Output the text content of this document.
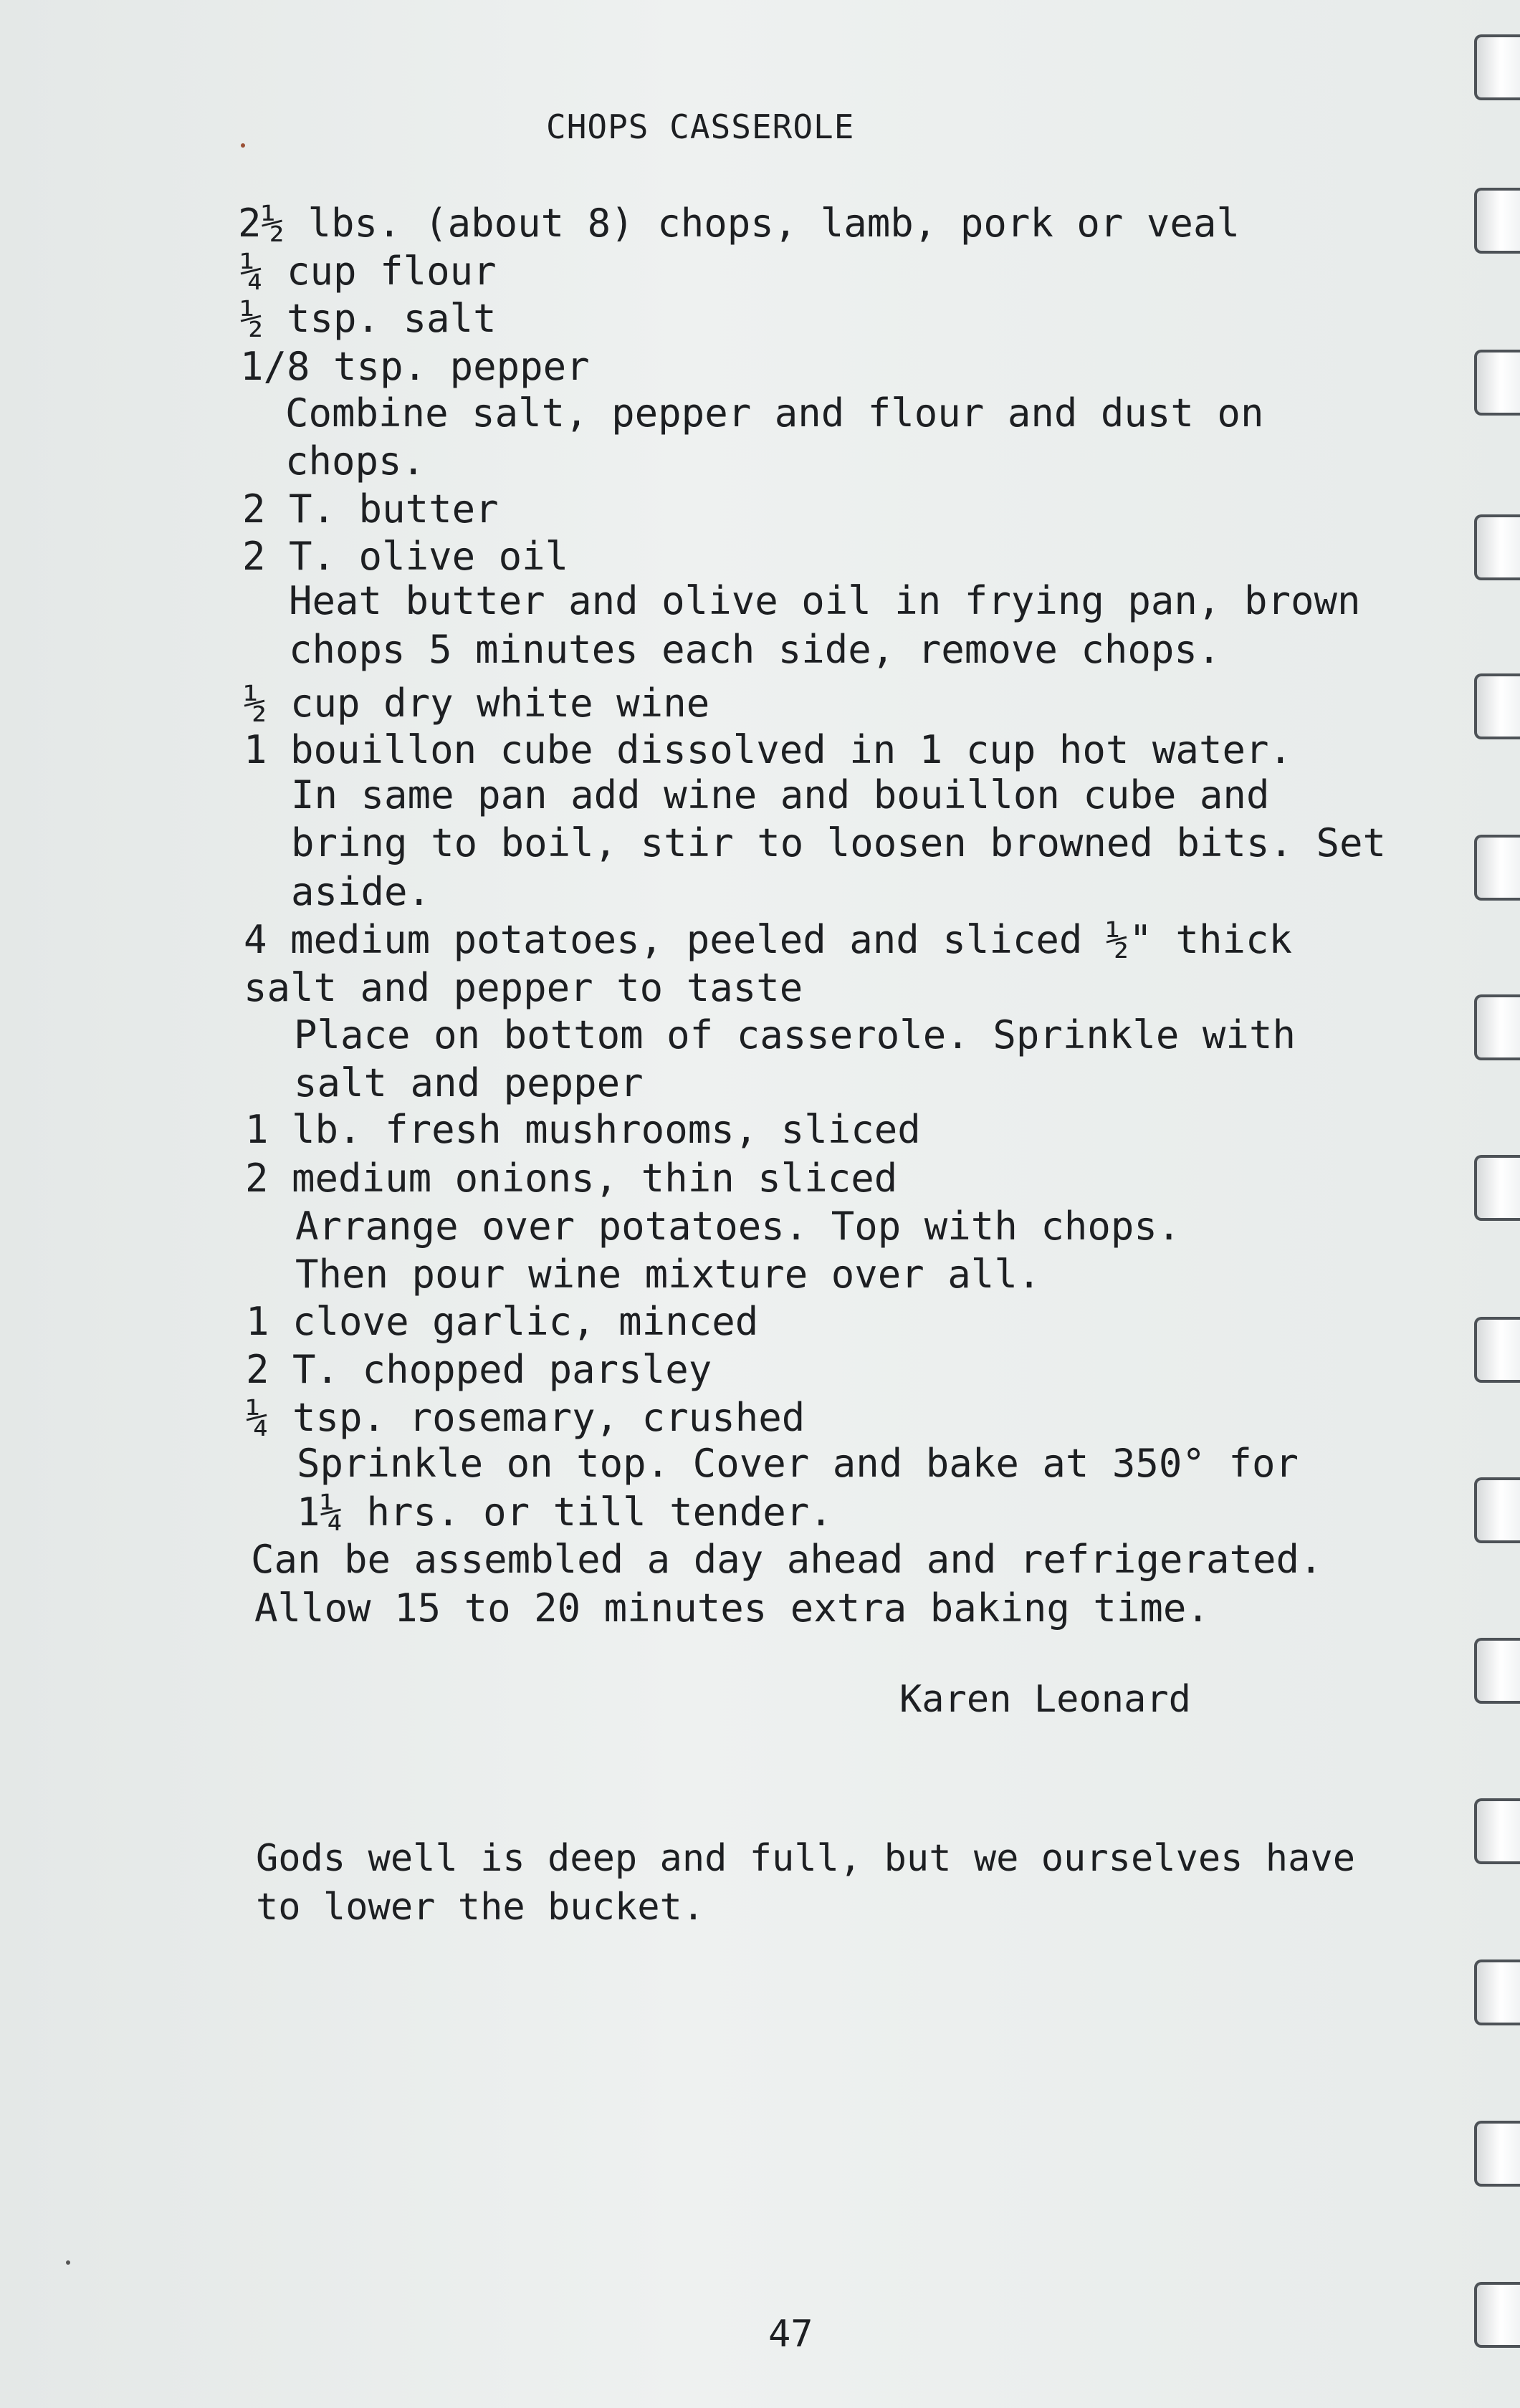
CHOPS CASSEROLE
2½ lbs. (about 8) chops, lamb, pork or veal
¼ cup flour
½ tsp. salt
1/8 tsp. pepper
Combine salt, pepper and flour and dust on
chops.
2 T. butter
2 T. olive oil
Heat butter and olive oil in frying pan, brown
chops 5 minutes each side, remove chops.
½ cup dry white wine
1 bouillon cube dissolved in 1 cup hot water.
In same pan add wine and bouillon cube and
bring to boil, stir to loosen browned bits. Set
aside.
4 medium potatoes, peeled and sliced ½" thick
salt and pepper to taste
Place on bottom of casserole. Sprinkle with
salt and pepper
1 lb. fresh mushrooms, sliced
2 medium onions, thin sliced
Arrange over potatoes. Top with chops.
Then pour wine mixture over all.
1 clove garlic, minced
2 T. chopped parsley
¼ tsp. rosemary, crushed
Sprinkle on top. Cover and bake at 350° for
1¼ hrs. or till tender.
Can be assembled a day ahead and refrigerated.
Allow 15 to 20 minutes extra baking time.
Karen Leonard
Gods well is deep and full, but we ourselves have
to lower the bucket.
47
